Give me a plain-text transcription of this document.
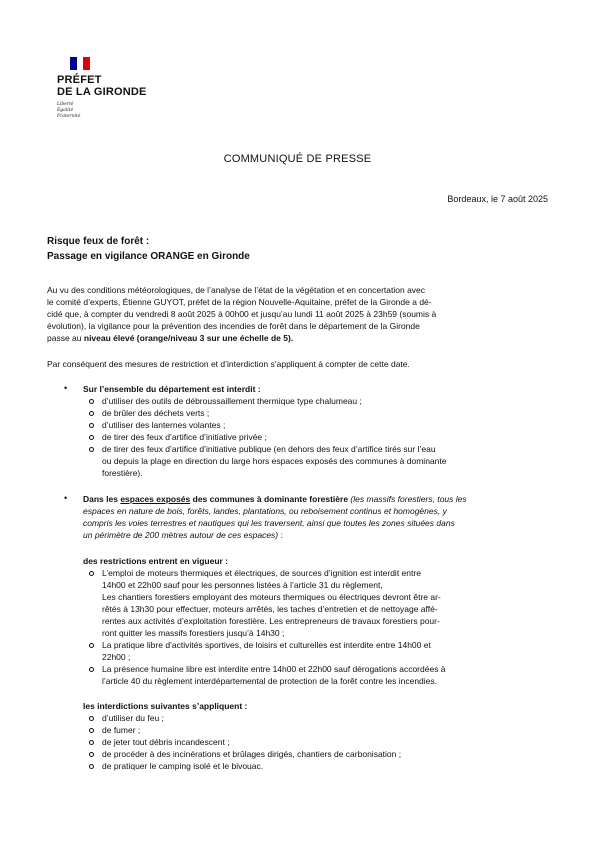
PRÉFET
DE LA GIRONDE
Liberté
Égalité
Fraternité
COMMUNIQUÉ DE PRESSE
Bordeaux, le 7 août 2025
Risque feux de forêt :
Passage en vigilance ORANGE en Gironde
Au vu des conditions météorologiques, de l’analyse de l’état de la végétation et en concertation avec
le comité d’experts, Étienne GUYOT, préfet de la région Nouvelle-Aquitaine, préfet de la Gironde a dé-
cidé que, à compter du vendredi 8 août 2025 à 00h00 et jusqu’au lundi 11 août 2025 à 23h59 (soumis à
évolution), la vigilance pour la prévention des incendies de forêt dans le département de la Gironde
passe au niveau élevé (orange/niveau 3 sur une échelle de 5).
Par conséquent des mesures de restriction et d’interdiction s’appliquent à compter de cette date.
• Sur l’ensemble du département est interdit :
d’utiliser des outils de débroussaillement thermique type chalumeau ;
de brûler des déchets verts ;
d’utiliser des lanternes volantes ;
de tirer des feux d’artifice d’initiative privée ;
de tirer des feux d’artifice d’initiative publique (en dehors des feux d’artifice tirés sur l’eau
ou depuis la plage en direction du large hors espaces exposés des communes à dominante
forestière).
• Dans les espaces exposés des communes à dominante forestière (les massifs forestiers, tous les
espaces en nature de bois, forêts, landes, plantations, ou reboisement continus et homogènes, y
compris les voies terrestres et nautiques qui les traversent, ainsi que toutes les zones situées dans
un périmètre de 200 mètres autour de ces espaces) :
des restrictions entrent en vigueur :
L’emploi de moteurs thermiques et électriques, de sources d’ignition est interdit entre
14h00 et 22h00 sauf pour les personnes listées à l’article 31 du règlement,
Les chantiers forestiers employant des moteurs thermiques ou électriques devront être ar-
rêtés à 13h30 pour effectuer, moteurs arrêtés, les taches d’entretien et de nettoyage affé-
rentes aux activités d’exploitation forestière. Les entrepreneurs de travaux forestiers pour-
ront quitter les massifs forestiers jusqu’à 14h30 ;
La pratique libre d’activités sportives, de loisirs et culturelles est interdite entre 14h00 et
22h00 ;
La présence humaine libre est interdite entre 14h00 et 22h00 sauf dérogations accordées à
l’article 40 du règlement interdépartemental de protection de la forêt contre les incendies.
les interdictions suivantes s’appliquent :
d’utiliser du feu ;
de fumer ;
de jeter tout débris incandescent ;
de procéder à des incinérations et brûlages dirigés, chantiers de carbonisation ;
de pratiquer le camping isolé et le bivouac.
